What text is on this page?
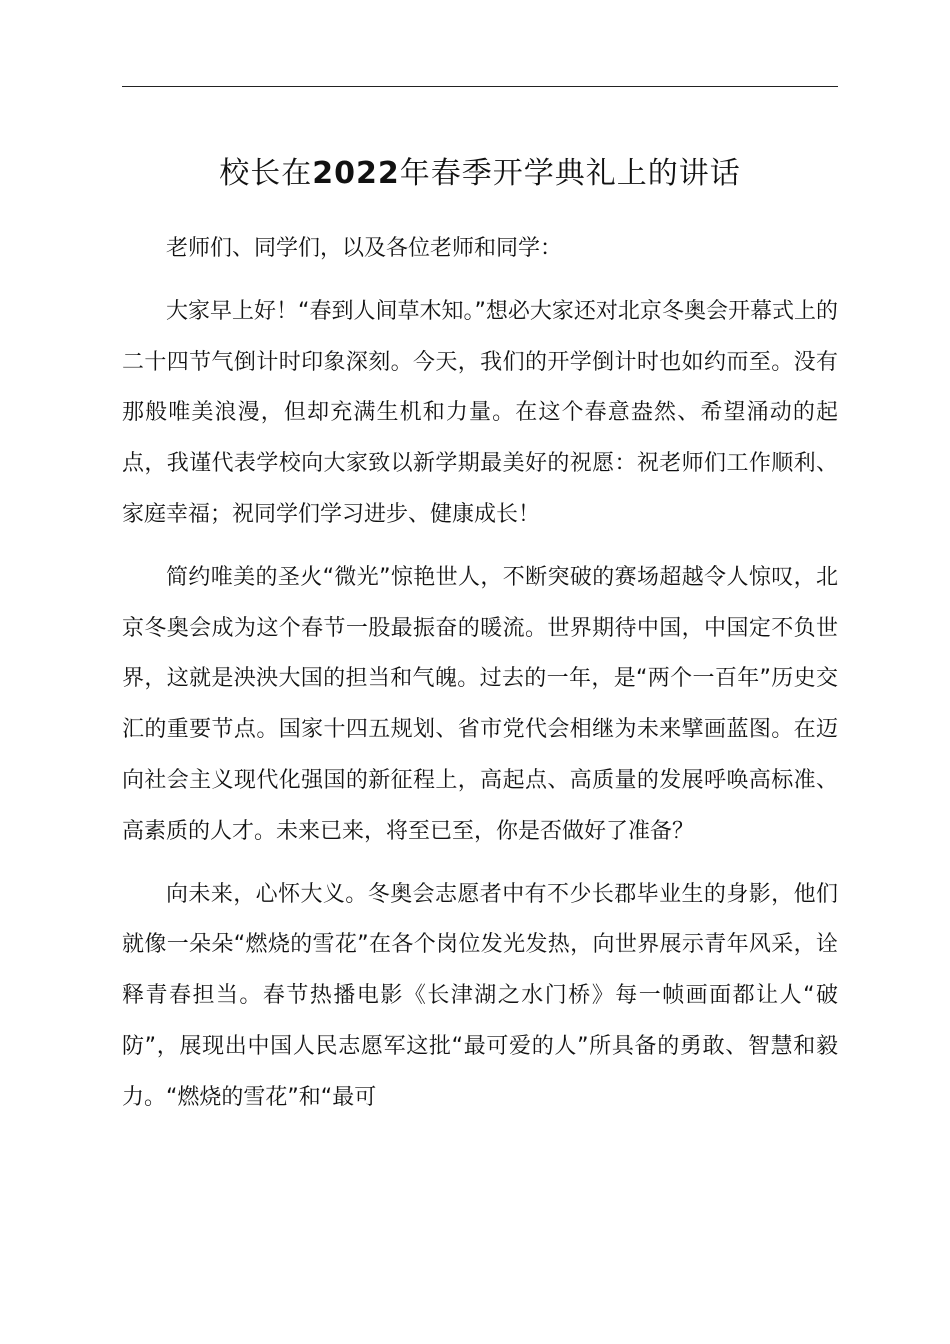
校长在2022年春季开学典礼上的讲话

老师们、同学们，以及各位老师和同学：

大家早上好！“春到人间草木知。”想必大家还对北京冬奥会开幕式上的二十四节气倒计时印象深刻。今天，我们的开学倒计时也如约而至。没有那般唯美浪漫，但却充满生机和力量。在这个春意盎然、希望涌动的起点，我谨代表学校向大家致以新学期最美好的祝愿：祝老师们工作顺利、家庭幸福；祝同学们学习进步、健康成长！

简约唯美的圣火“微光”惊艳世人，不断突破的赛场超越令人惊叹，北京冬奥会成为这个春节一股最振奋的暖流。世界期待中国，中国定不负世界，这就是泱泱大国的担当和气魄。过去的一年，是“两个一百年”历史交汇的重要节点。国家十四五规划、省市党代会相继为未来擘画蓝图。在迈向社会主义现代化强国的新征程上，高起点、高质量的发展呼唤高标准、高素质的人才。未来已来，将至已至，你是否做好了准备？

向未来，心怀大义。冬奥会志愿者中有不少长郡毕业生的身影，他们就像一朵朵“燃烧的雪花”在各个岗位发光发热，向世界展示青年风采，诠释青春担当。春节热播电影《长津湖之水门桥》每一帧画面都让人“破防”，展现出中国人民志愿军这批“最可爱的人”所具备的勇敢、智慧和毅力。“燃烧的雪花”和“最可
